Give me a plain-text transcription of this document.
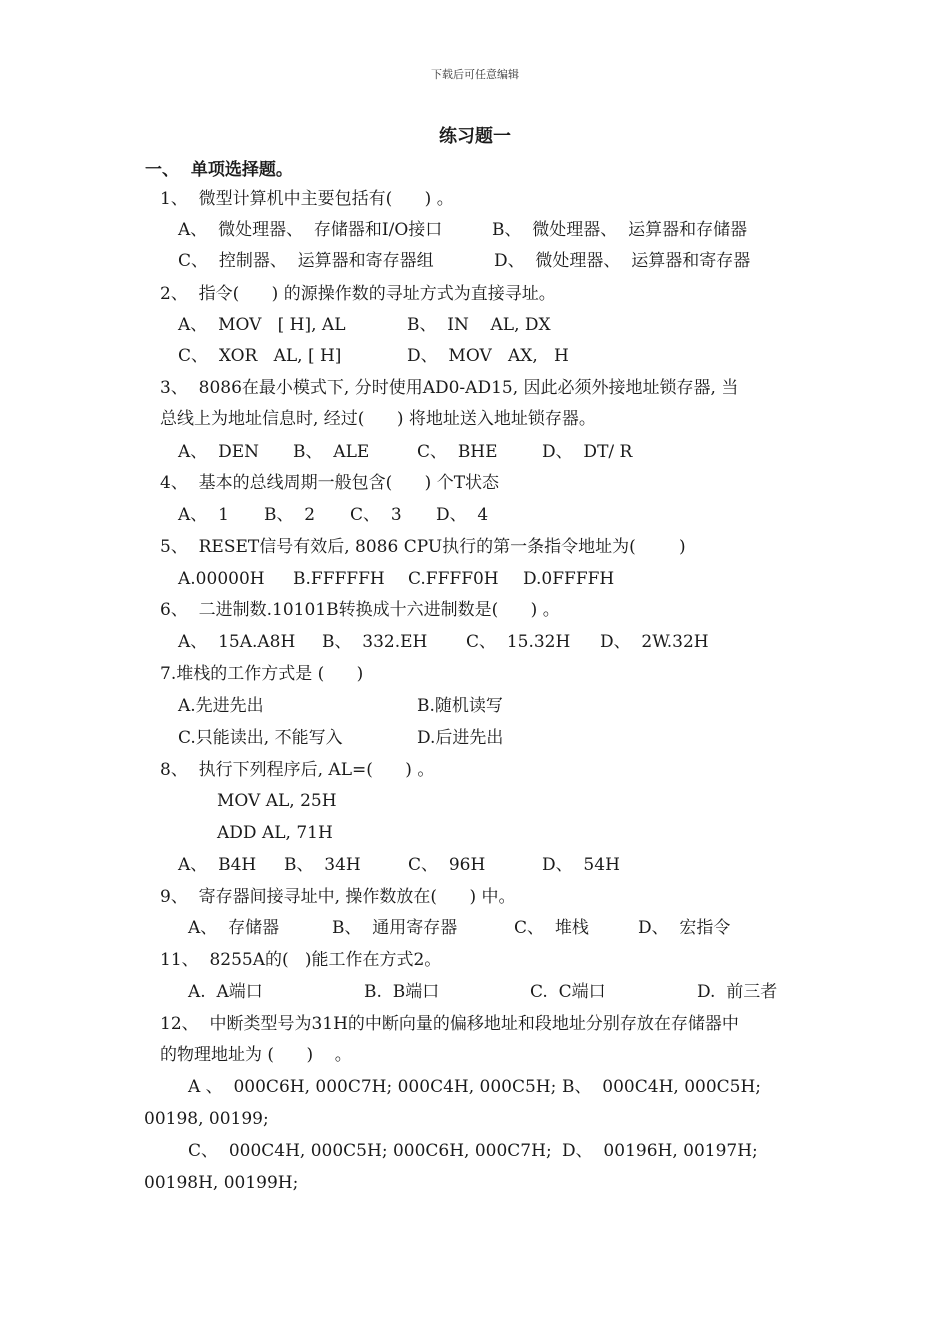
下载后可任意编辑
练习题一
一、  单项选择题。
1、  微型计算机中主要包括有(      ) 。
A、  微处理器、  存储器和I/O接口	B、  微处理器、  运算器和存储器
C、  控制器、  运算器和寄存器组	D、  微处理器、  运算器和寄存器
2、  指令(      ) 的源操作数的寻址方式为直接寻址。
A、  MOV   [ H], AL	B、  IN    AL, DX
C、  XOR   AL, [ H]	D、  MOV   AX,   H
3、  8086在最小模式下, 分时使用AD0-AD15, 因此必须外接地址锁存器, 当
总线上为地址信息时, 经过(      ) 将地址送入地址锁存器。
A、  DEN B、  ALE	C、  BHE	D、  DT/ R
4、  基本的总线周期一般包含(      ) 个T状态
A、  1 B、  2 C、  3 D、  4
5、  RESET信号有效后, 8086 CPU执行的第一条指令地址为(        )
A.00000H B.FFFFFH C.FFFF0H D.0FFFFH
6、  二进制数.10101B转换成十六进制数是(      ) 。
A、  15A.A8H B、  332.EH C、  15.32H D、  2W.32H
7.堆栈的工作方式是 (      )
A.先进先出	B.随机读写
C.只能读出, 不能写入	D.后进先出
8、  执行下列程序后, AL=(      ) 。
MOV AL, 25H
ADD AL, 71H
A、  B4H B、  34H	C、  96H	D、  54H
9、  寄存器间接寻址中, 操作数放在(      ) 中。
A、  存储器	B、  通用寄存器	C、  堆栈	D、  宏指令
11、  8255A的(   )能工作在方式2。
A.  A端口	B.  B端口	C.  C端口	D.  前三者
12、  中断类型号为31H的中断向量的偏移地址和段地址分别存放在存储器中
的物理地址为 (      )    。
A 、  000C6H, 000C7H; 000C4H, 000C5H; B、  000C4H, 000C5H;
00198, 00199;
C、  000C4H, 000C5H; 000C6H, 000C7H; D、  00196H, 00197H;
00198H, 00199H;
